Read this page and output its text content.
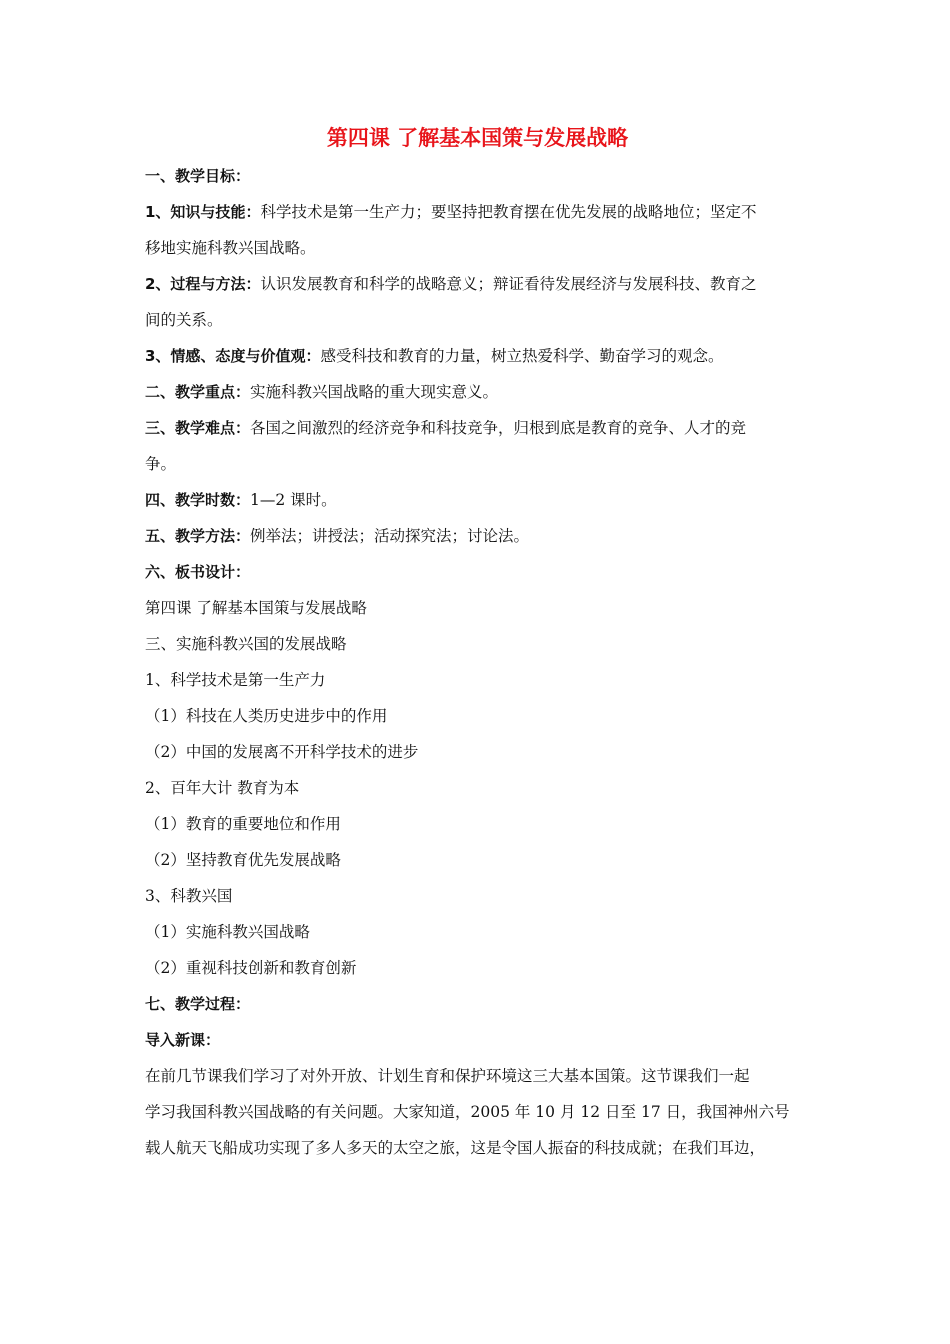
第四课 了解基本国策与发展战略
一、教学目标：
1、知识与技能：科学技术是第一生产力；要坚持把教育摆在优先发展的战略地位；坚定不
移地实施科教兴国战略。
2、过程与方法：认识发展教育和科学的战略意义；辩证看待发展经济与发展科技、教育之
间的关系。
3、情感、态度与价值观：感受科技和教育的力量，树立热爱科学、勤奋学习的观念。
二、教学重点：实施科教兴国战略的重大现实意义。
三、教学难点：各国之间激烈的经济竞争和科技竞争，归根到底是教育的竞争、人才的竞
争。
四、教学时数：1—2 课时。
五、教学方法：例举法；讲授法；活动探究法；讨论法。
六、板书设计：
第四课 了解基本国策与发展战略
三、实施科教兴国的发展战略
1、科学技术是第一生产力
（1）科技在人类历史进步中的作用
（2）中国的发展离不开科学技术的进步
2、百年大计 教育为本
（1）教育的重要地位和作用
（2）坚持教育优先发展战略
3、科教兴国
（1）实施科教兴国战略
（2）重视科技创新和教育创新
七、教学过程：
导入新课：
在前几节课我们学习了对外开放、计划生育和保护环境这三大基本国策。这节课我们一起
学习我国科教兴国战略的有关问题。大家知道，2005 年 10 月 12 日至 17 日，我国神州六号
载人航天飞船成功实现了多人多天的太空之旅，这是令国人振奋的科技成就；在我们耳边，
